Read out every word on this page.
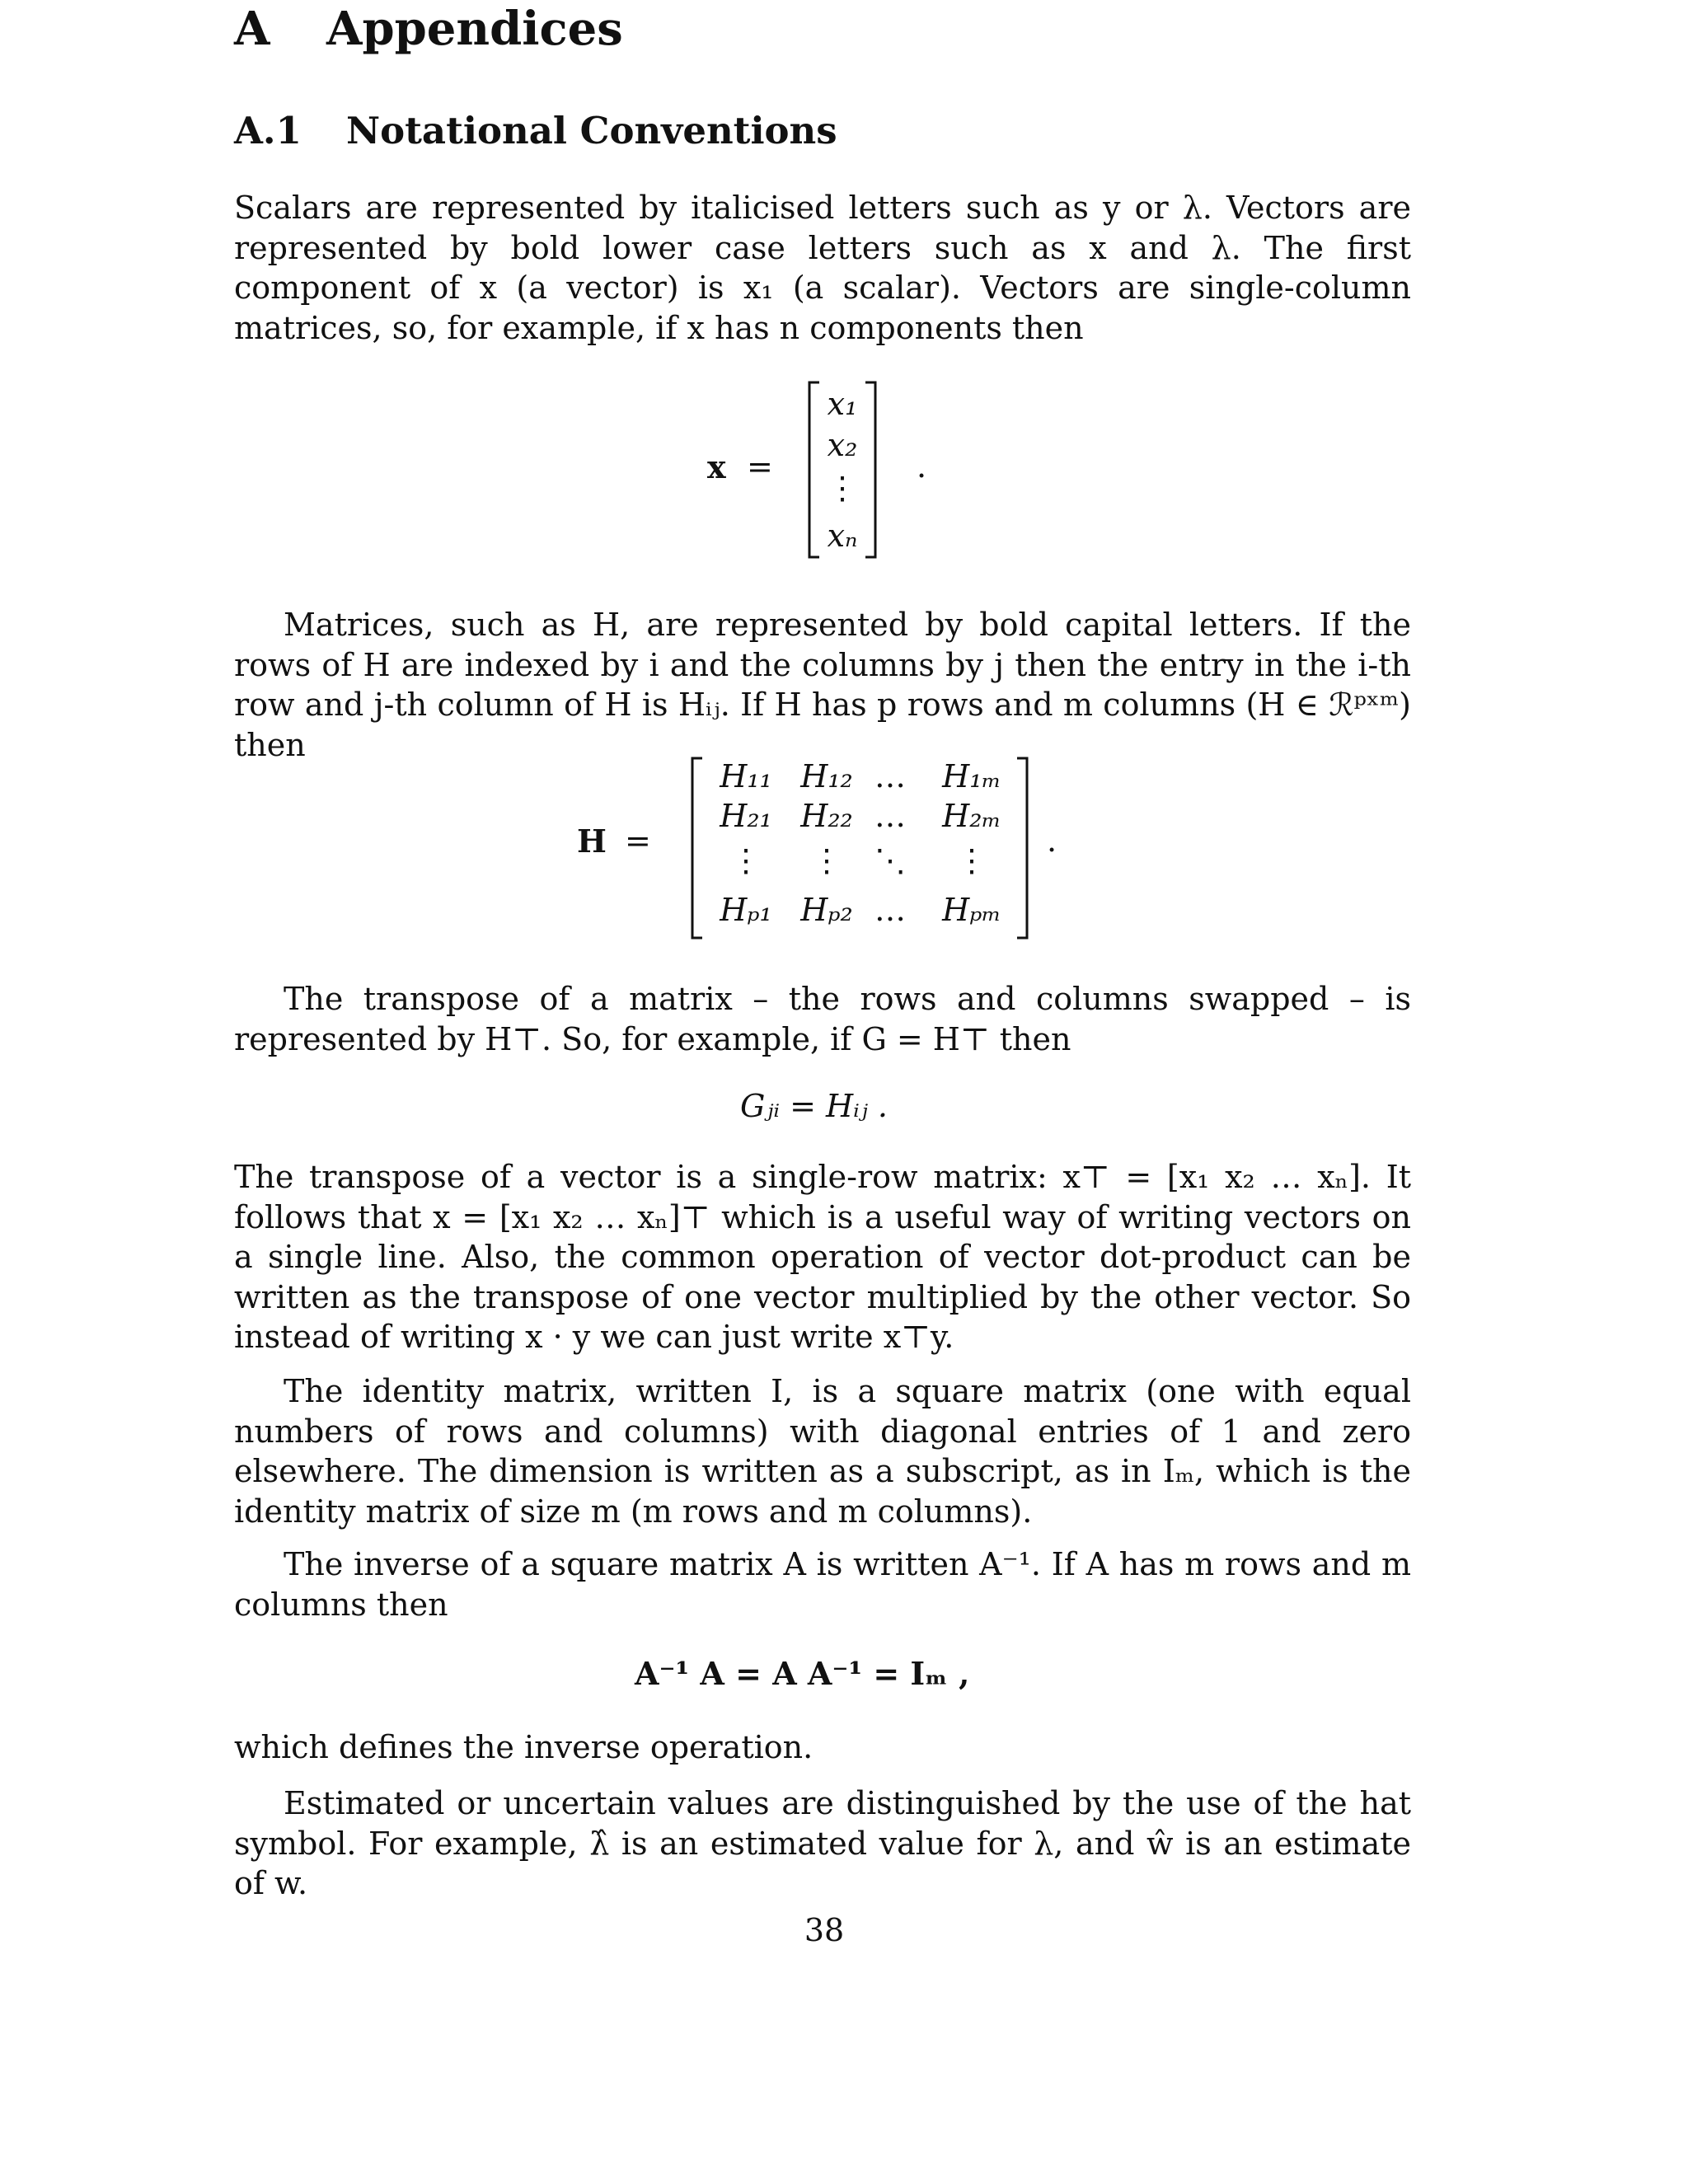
A Appendices
A.1 Notational Conventions
Scalars are represented by italicised letters such as y or λ. Vectors are represented by bold lower case letters such as x and λ. The first component of x (a vector) is x₁ (a scalar). Vectors are single-column matrices, so, for example, if x has n components then
x =
x₁
x₂
⋮
xₙ
.
Matrices, such as H, are represented by bold capital letters. If the rows of H are indexed by i and the columns by j then the entry in the i-th row and j-th column of H is Hᵢⱼ. If H has p rows and m columns (H ∈ ℛᵖˣᵐ) then
H =
H₁₁ H₁₂ …	H₁ₘ
H₂₁ H₂₂ …	H₂ₘ
⋮	⋮	⋱	⋮
Hₚ₁ Hₚ₂ …	Hₚₘ
.
The transpose of a matrix – the rows and columns swapped – is represented by H⊤. So, for example, if G = H⊤ then
Gⱼᵢ = Hᵢⱼ .
The transpose of a vector is a single-row matrix: x⊤ = [x₁ x₂ … xₙ]. It follows that x = [x₁ x₂ … xₙ]⊤ which is a useful way of writing vectors on a single line. Also, the common operation of vector dot-product can be written as the transpose of one vector multiplied by the other vector. So instead of writing x · y we can just write x⊤y.
The identity matrix, written I, is a square matrix (one with equal numbers of rows and columns) with diagonal entries of 1 and zero elsewhere. The dimension is written as a subscript, as in Iₘ, which is the identity matrix of size m (m rows and m columns).
The inverse of a square matrix A is written A⁻¹. If A has m rows and m columns then
A⁻¹ A = A A⁻¹ = Iₘ ,
which defines the inverse operation.
Estimated or uncertain values are distinguished by the use of the hat symbol. For example, λ̂ is an estimated value for λ, and ŵ is an estimate of w.
38
